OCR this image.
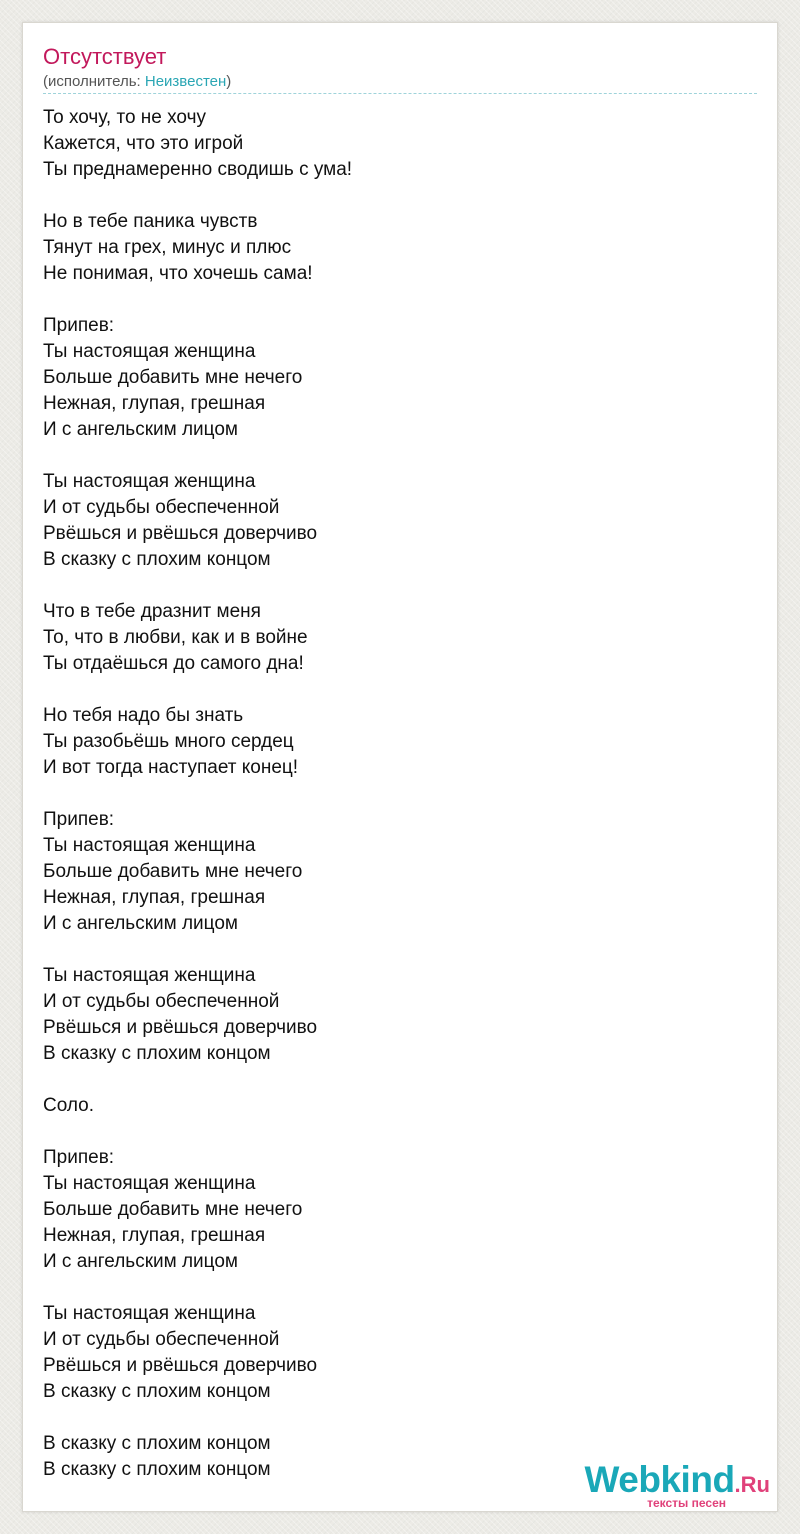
Отсутствует
(исполнитель: Неизвестен)
То хочу, то не хочу
Кажется, что это игрой
Ты преднамеренно сводишь с ума!

Но в тебе паника чувств
Тянут на грех, минус и плюс
Не понимая, что хочешь сама!

Припев:
Ты настоящая женщина
Больше добавить мне нечего
Нежная, глупая, грешная
И с ангельским лицом

Ты настоящая женщина
И от судьбы обеспеченной
Рвёшься и рвёшься доверчиво
В сказку с плохим концом

Что в тебе дразнит меня
То, что в любви, как и в войне
Ты отдаёшься до самого дна!

Но тебя надо бы знать
Ты разобьёшь много сердец
И вот тогда наступает конец!

Припев:
Ты настоящая женщина
Больше добавить мне нечего
Нежная, глупая, грешная
И с ангельским лицом

Ты настоящая женщина
И от судьбы обеспеченной
Рвёшься и рвёшься доверчиво
В сказку с плохим концом

Соло.

Припев:
Ты настоящая женщина
Больше добавить мне нечего
Нежная, глупая, грешная
И с ангельским лицом

Ты настоящая женщина
И от судьбы обеспеченной
Рвёшься и рвёшься доверчиво
В сказку с плохим концом

В сказку с плохим концом
В сказку с плохим концом	Webkind.Ru
тексты песен
